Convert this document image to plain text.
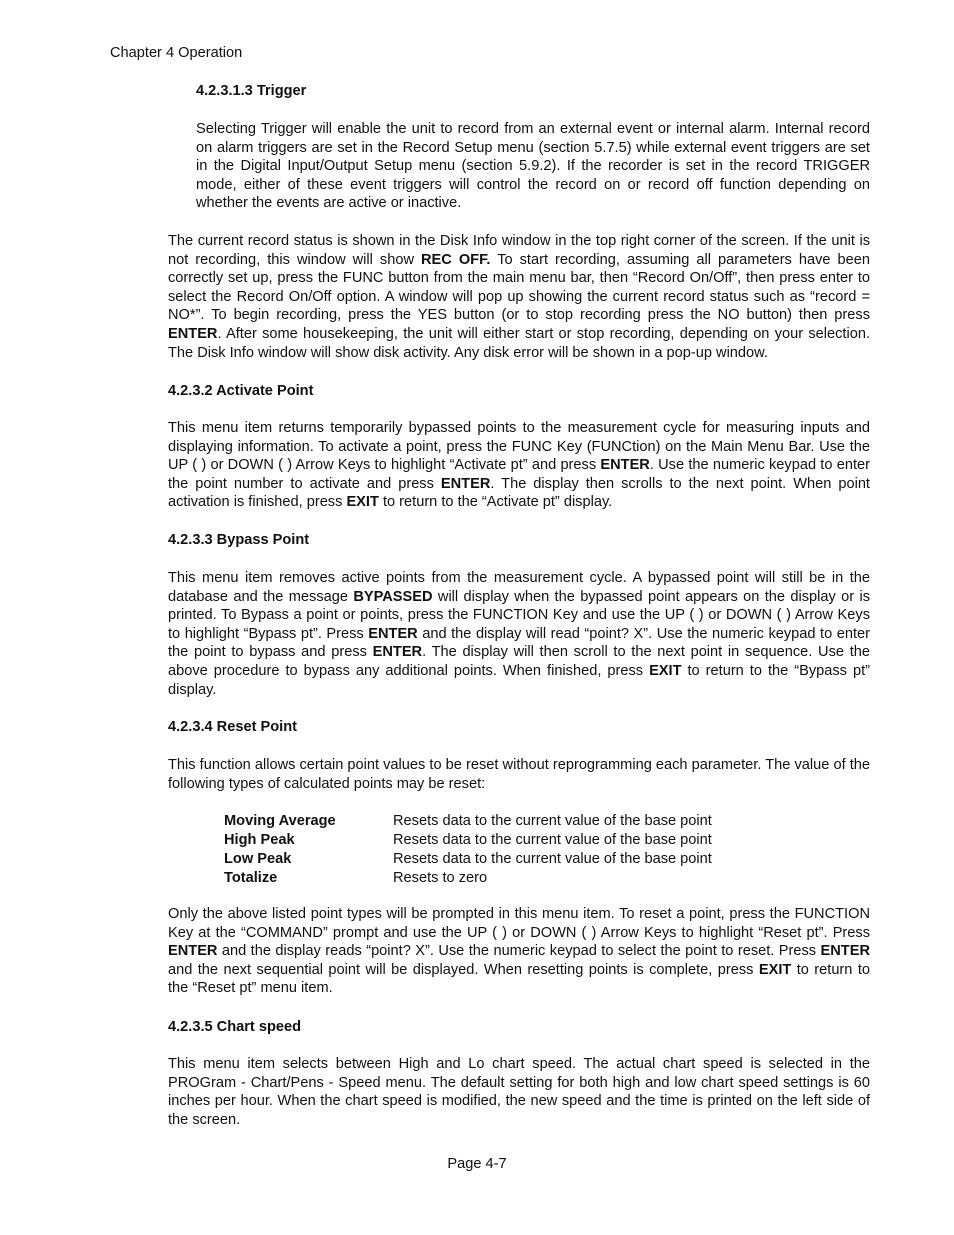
Chapter 4 Operation
4.2.3.1.3 Trigger
Selecting Trigger will enable the unit to record from an external event or internal alarm. Internal record on alarm triggers are set in the Record Setup menu (section 5.7.5) while external event triggers are set in the Digital Input/Output Setup menu (section 5.9.2). If the recorder is set in the record TRIGGER mode, either of these event triggers will control the record on or record off function depending on whether the events are active or inactive.
The current record status is shown in the Disk Info window in the top right corner of the screen. If the unit is not recording, this window will show REC OFF. To start recording, assuming all parameters have been correctly set up, press the FUNC button from the main menu bar, then “Record On/Off”, then press enter to select the Record On/Off option. A window will pop up showing the current record status such as “record = NO*”. To begin recording, press the YES button (or to stop recording press the NO button) then press ENTER. After some housekeeping, the unit will either start or stop recording, depending on your selection. The Disk Info window will show disk activity. Any disk error will be shown in a pop-up window.
4.2.3.2 Activate Point
This menu item returns temporarily bypassed points to the measurement cycle for measuring inputs and displaying information. To activate a point, press the FUNC Key (FUNCtion) on the Main Menu Bar. Use the UP ( ) or DOWN ( ) Arrow Keys to highlight “Activate pt” and press ENTER. Use the numeric keypad to enter the point number to activate and press ENTER. The display then scrolls to the next point. When point activation is finished, press EXIT to return to the “Activate pt” display.
4.2.3.3 Bypass Point
This menu item removes active points from the measurement cycle. A bypassed point will still be in the database and the message BYPASSED will display when the bypassed point appears on the display or is printed. To Bypass a point or points, press the FUNCTION Key and use the UP ( ) or DOWN ( ) Arrow Keys to highlight “Bypass pt”. Press ENTER and the display will read “point? X”. Use the numeric keypad to enter the point to bypass and press ENTER. The display will then scroll to the next point in sequence. Use the above procedure to bypass any additional points. When finished, press EXIT to return to the “Bypass pt” display.
4.2.3.4 Reset Point
This function allows certain point values to be reset without reprogramming each parameter. The value of the following types of calculated points may be reset:
Moving Average	Resets data to the current value of the base point
High Peak	Resets data to the current value of the base point
Low Peak	Resets data to the current value of the base point
Totalize	Resets to zero
Only the above listed point types will be prompted in this menu item. To reset a point, press the FUNCTION Key at the “COMMAND” prompt and use the UP ( ) or DOWN ( ) Arrow Keys to highlight “Reset pt”. Press ENTER and the display reads “point? X”. Use the numeric keypad to select the point to reset. Press ENTER and the next sequential point will be displayed. When resetting points is complete, press EXIT to return to the “Reset pt” menu item.
4.2.3.5 Chart speed
This menu item selects between High and Lo chart speed. The actual chart speed is selected in the PROGram - Chart/Pens - Speed menu. The default setting for both high and low chart speed settings is 60 inches per hour. When the chart speed is modified, the new speed and the time is printed on the left side of the screen.
Page 4-7
